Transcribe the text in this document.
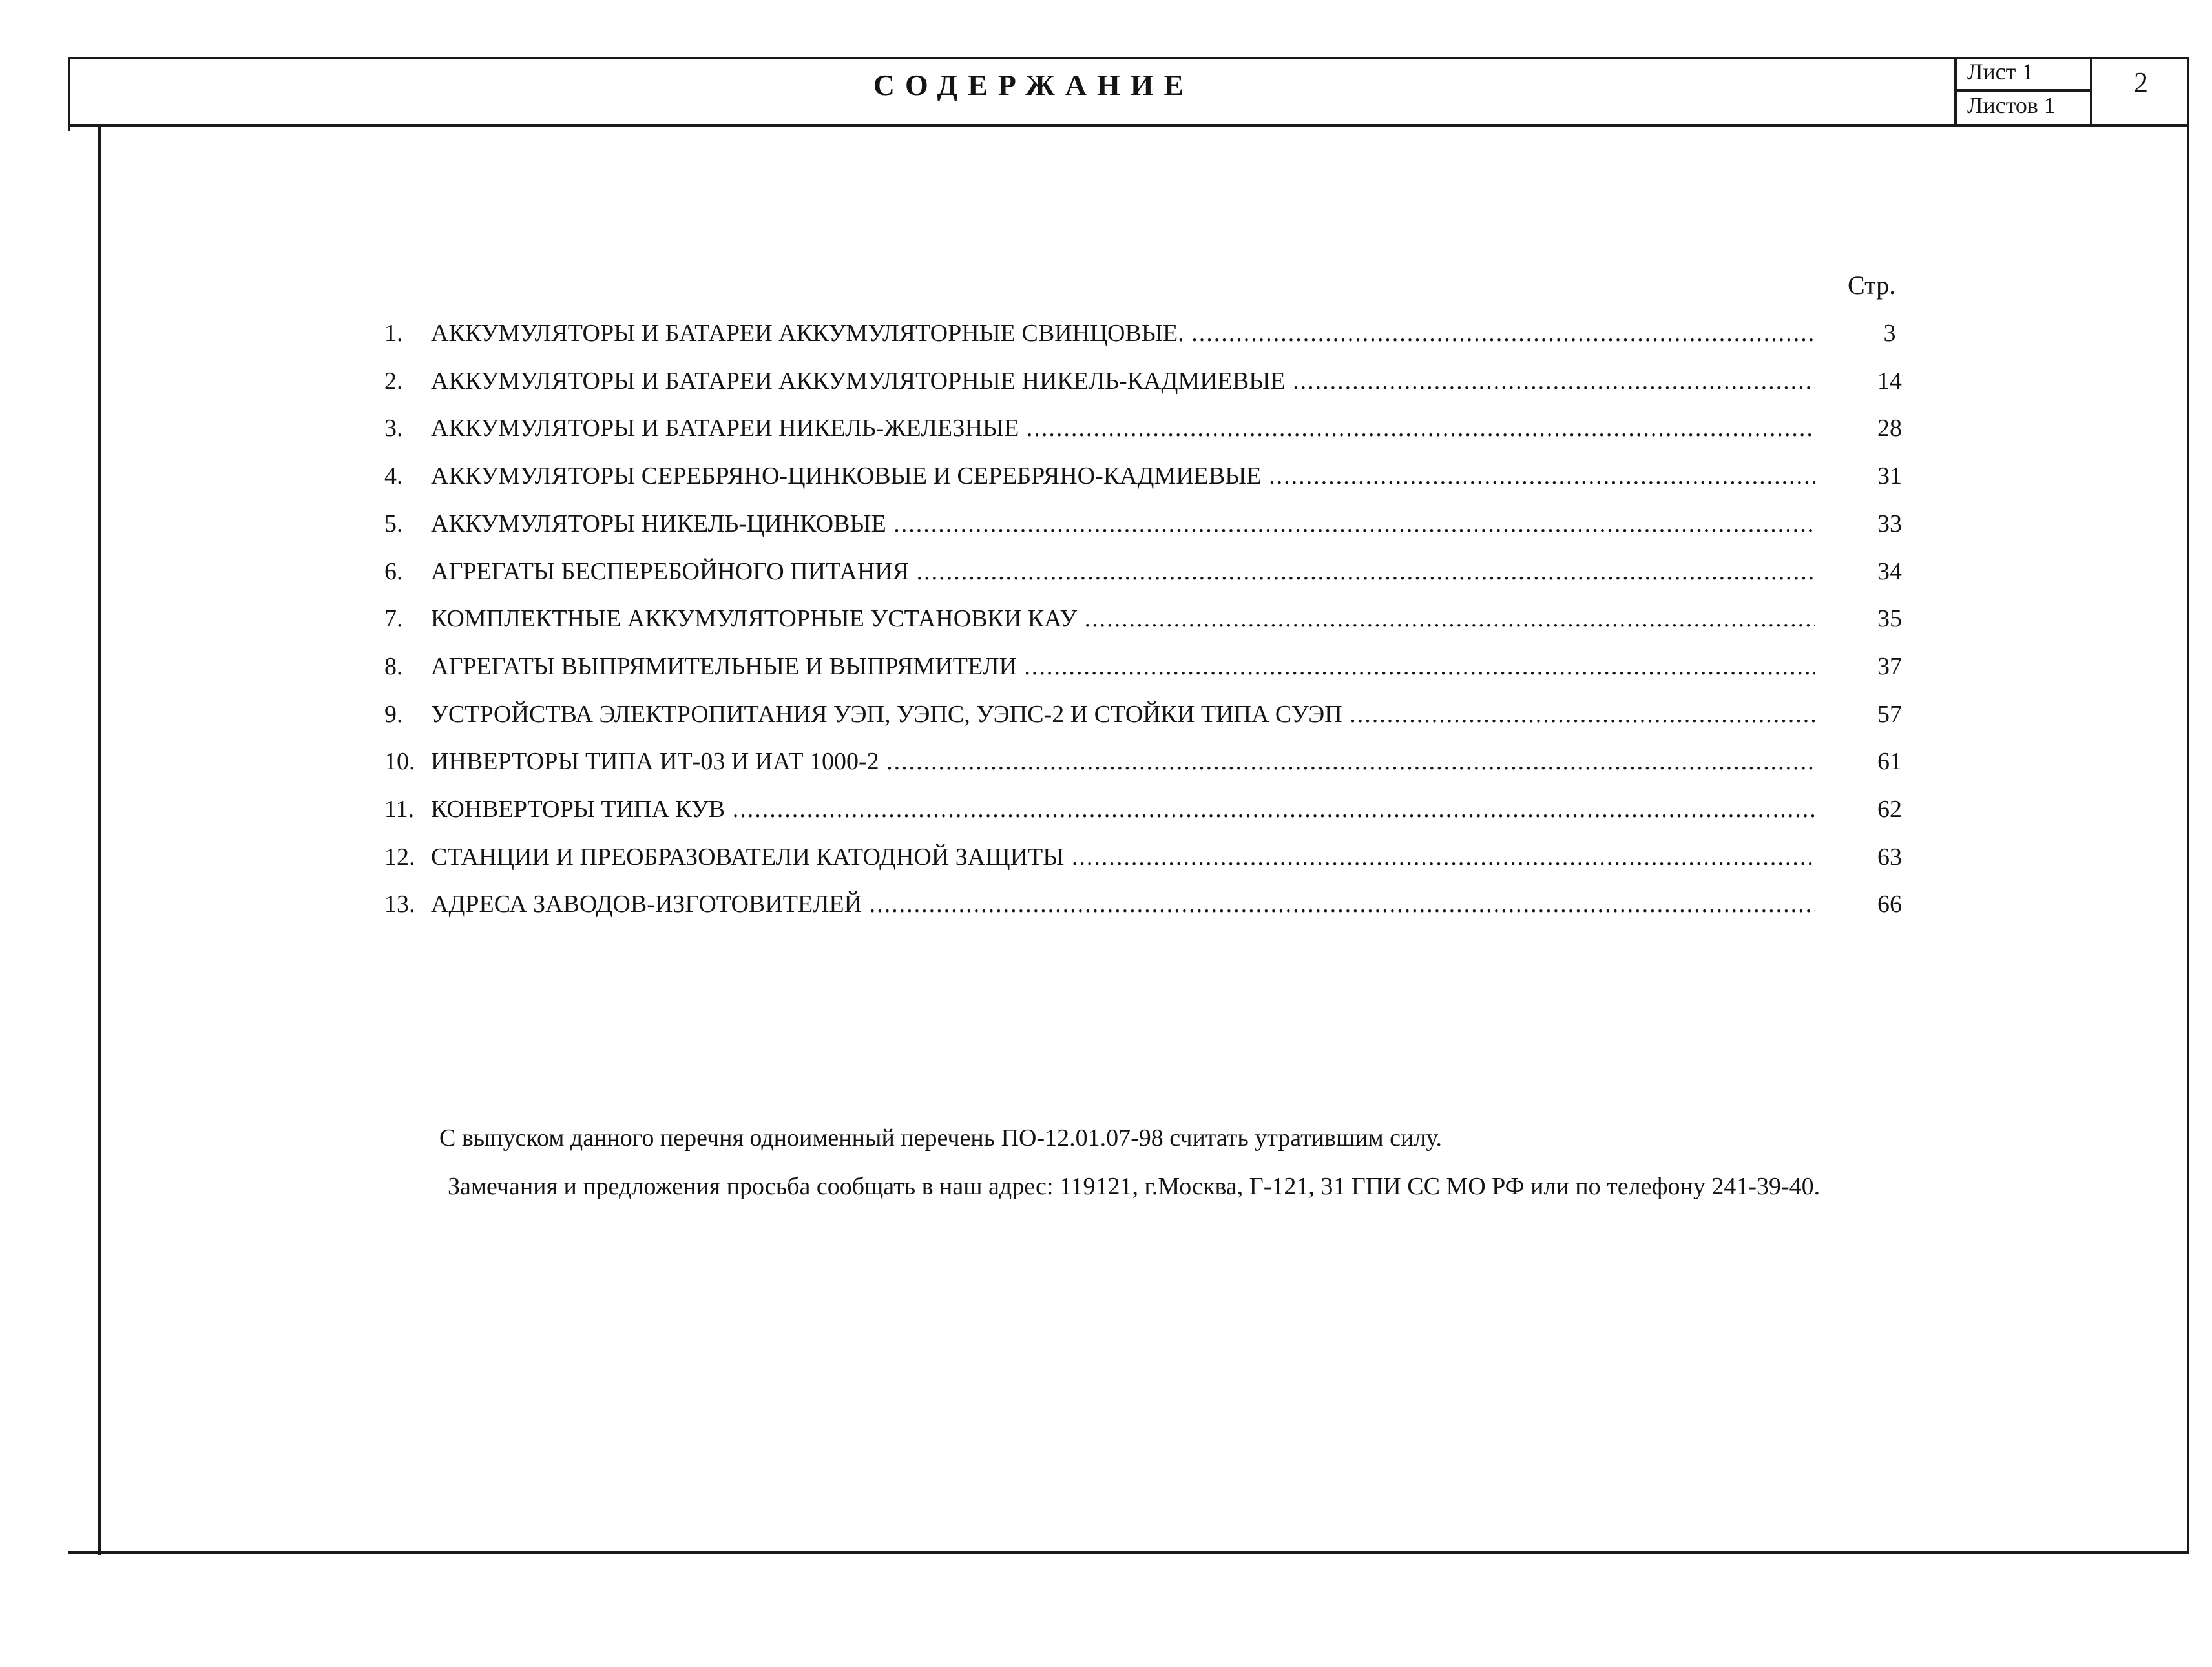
СОДЕРЖАНИЕ	Лист 1
Листов 1
2
Стр.
1.	АККУМУЛЯТОРЫ И БАТАРЕИ АККУМУЛЯТОРНЫЕ СВИНЦОВЫЕ. .....	3
2.	АККУМУЛЯТОРЫ И БАТАРЕИ АККУМУЛЯТОРНЫЕ НИКЕЛЬ-КАДМИЕВЫЕ .....	14
3.	АККУМУЛЯТОРЫ И БАТАРЕИ НИКЕЛЬ-ЖЕЛЕЗНЫЕ .....	28
4.	АККУМУЛЯТОРЫ СЕРЕБРЯНО-ЦИНКОВЫЕ И СЕРЕБРЯНО-КАДМИЕВЫЕ .....	31
5.	АККУМУЛЯТОРЫ НИКЕЛЬ-ЦИНКОВЫЕ .....	33
6.	АГРЕГАТЫ БЕСПЕРЕБОЙНОГО ПИТАНИЯ .....	34
7.	КОМПЛЕКТНЫЕ АККУМУЛЯТОРНЫЕ УСТАНОВКИ КАУ .....	35
8.	АГРЕГАТЫ ВЫПРЯМИТЕЛЬНЫЕ И ВЫПРЯМИТЕЛИ .....	37
9.	УСТРОЙСТВА ЭЛЕКТРОПИТАНИЯ УЭП, УЭПС, УЭПС-2 И СТОЙКИ ТИПА СУЭП .....	57
10. ИНВЕРТОРЫ ТИПА ИТ-03 И ИАТ 1000-2 .....	61
11. КОНВЕРТОРЫ ТИПА КУВ .....	62
12. СТАНЦИИ И ПРЕОБРАЗОВАТЕЛИ КАТОДНОЙ ЗАЩИТЫ .....	63
13. АДРЕСА ЗАВОДОВ-ИЗГОТОВИТЕЛЕЙ .....	66
С выпуском данного перечня одноименный перечень ПО-12.01.07-98 считать утратившим силу.
Замечания и предложения просьба сообщать в наш адрес: 119121, г.Москва, Г-121, 31 ГПИ СС МО РФ или по телефону 241-39-40.
